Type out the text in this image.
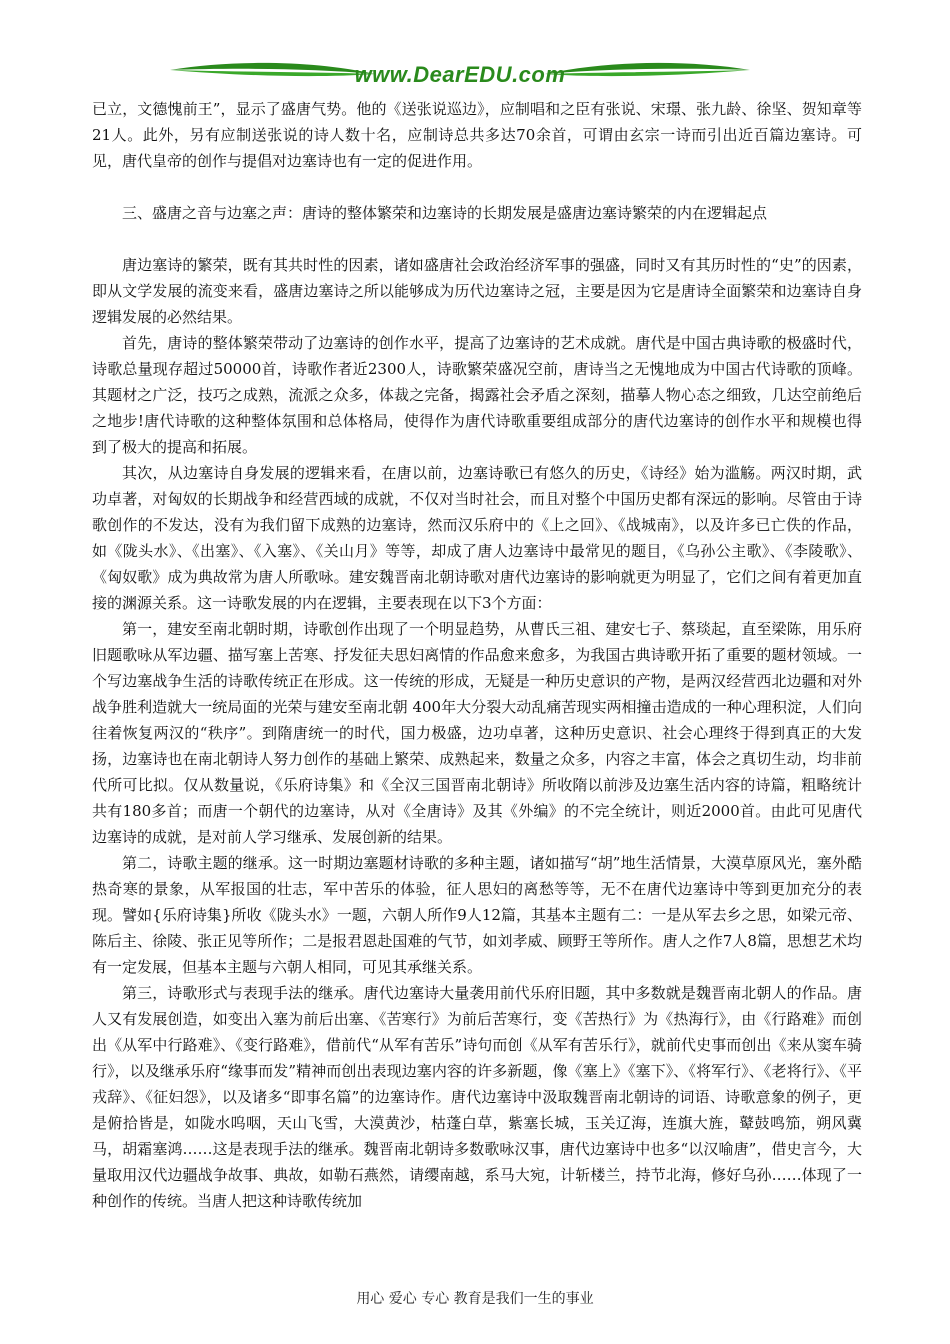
www.DearEDU.com

已立，文德愧前王”，显示了盛唐气势。他的《送张说巡边》，应制唱和之臣有张说、宋璟、张九龄、徐坚、贺知章等21人。此外，另有应制送张说的诗人数十名，应制诗总共多达70余首，可谓由玄宗一诗而引出近百篇边塞诗。可见，唐代皇帝的创作与提倡对边塞诗也有一定的促进作用。

三、盛唐之音与边塞之声：唐诗的整体繁荣和边塞诗的长期发展是盛唐边塞诗繁荣的内在逻辑起点

唐边塞诗的繁荣，既有其共时性的因素，诸如盛唐社会政治经济军事的强盛，同时又有其历时性的“史”的因素，即从文学发展的流变来看，盛唐边塞诗之所以能够成为历代边塞诗之冠，主要是因为它是唐诗全面繁荣和边塞诗自身逻辑发展的必然结果。

首先，唐诗的整体繁荣带动了边塞诗的创作水平，提高了边塞诗的艺术成就。唐代是中国古典诗歌的极盛时代，诗歌总量现存超过50000首，诗歌作者近2300人，诗歌繁荣盛况空前，唐诗当之无愧地成为中国古代诗歌的顶峰。其题材之广泛，技巧之成熟，流派之众多，体裁之完备，揭露社会矛盾之深刻，描摹人物心态之细致，几达空前绝后之地步!唐代诗歌的这种整体氛围和总体格局，使得作为唐代诗歌重要组成部分的唐代边塞诗的创作水平和规模也得到了极大的提高和拓展。

其次，从边塞诗自身发展的逻辑来看，在唐以前，边塞诗歌已有悠久的历史，《诗经》始为滥觞。两汉时期，武功卓著，对匈奴的长期战争和经营西域的成就，不仅对当时社会，而且对整个中国历史都有深远的影响。尽管由于诗歌创作的不发达，没有为我们留下成熟的边塞诗，然而汉乐府中的《上之回》、《战城南》，以及许多已亡佚的作品，如《陇头水》、《出塞》、《入塞》、《关山月》等等，却成了唐人边塞诗中最常见的题目，《乌孙公主歌》、《李陵歌》、《匈奴歌》成为典故常为唐人所歌咏。建安魏晋南北朝诗歌对唐代边塞诗的影响就更为明显了，它们之间有着更加直接的渊源关系。这一诗歌发展的内在逻辑，主要表现在以下3个方面：

第一，建安至南北朝时期，诗歌创作出现了一个明显趋势，从曹氏三祖、建安七子、蔡琰起，直至梁陈，用乐府旧题歌咏从军边疆、描写塞上苦寒、抒发征夫思妇离情的作品愈来愈多，为我国古典诗歌开拓了重要的题材领域。一个写边塞战争生活的诗歌传统正在形成。这一传统的形成，无疑是一种历史意识的产物，是两汉经营西北边疆和对外战争胜利造就大一统局面的光荣与建安至南北朝 400年大分裂大动乱痛苦现实两相撞击造成的一种心理积淀，人们向往着恢复两汉的“秩序”。到隋唐统一的时代，国力极盛，边功卓著，这种历史意识、社会心理终于得到真正的大发扬，边塞诗也在南北朝诗人努力创作的基础上繁荣、成熟起来，数量之众多，内容之丰富，体会之真切生动，均非前代所可比拟。仅从数量说，《乐府诗集》和《全汉三国晋南北朝诗》所收隋以前涉及边塞生活内容的诗篇，粗略统计共有180多首；而唐一个朝代的边塞诗，从对《全唐诗》及其《外编》的不完全统计，则近2000首。由此可见唐代边塞诗的成就，是对前人学习继承、发展创新的结果。

第二，诗歌主题的继承。这一时期边塞题材诗歌的多种主题，诸如描写“胡”地生活情景，大漠草原风光，塞外酷热奇寒的景象，从军报国的壮志，军中苦乐的体验，征人思妇的离愁等等，无不在唐代边塞诗中等到更加充分的表现。譬如{乐府诗集}所收《陇头水》一题，六朝人所作9人12篇，其基本主题有二：一是从军去乡之思，如梁元帝、陈后主、徐陵、张正见等所作；二是报君恩赴国难的气节，如刘孝威、顾野王等所作。唐人之作7人8篇，思想艺术均有一定发展，但基本主题与六朝人相同，可见其承继关系。

第三，诗歌形式与表现手法的继承。唐代边塞诗大量袭用前代乐府旧题，其中多数就是魏晋南北朝人的作品。唐人又有发展创造，如变出入塞为前后出塞、《苦寒行》为前后苦寒行，变《苦热行》为《热海行》，由《行路难》而创出《从军中行路难》、《变行路难》，借前代“从军有苦乐”诗句而创《从军有苦乐行》，就前代史事而创出《来从窦车骑行》，以及继承乐府“缘事而发”精神而创出表现边塞内容的许多新题，像《塞上》《塞下》、《将军行》、《老将行》、《平戎辞》、《征妇怨》，以及诸多“即事名篇”的边塞诗作。唐代边塞诗中汲取魏晋南北朝诗的词语、诗歌意象的例子，更是俯拾皆是，如陇水呜咽，天山飞雪，大漠黄沙，枯蓬白草，紫塞长城，玉关辽海，连旗大旌，鼙鼓鸣笳，朔风冀马，胡霜塞鸿……这是表现手法的继承。魏晋南北朝诗多数歌咏汉事，唐代边塞诗中也多“以汉喻唐”，借史言今，大量取用汉代边疆战争故事、典故，如勒石燕然，请缨南越，系马大宛，计斩楼兰，持节北海，修好乌孙……体现了一种创作的传统。当唐人把这种诗歌传统加

用心 爱心 专心 教育是我们一生的事业
